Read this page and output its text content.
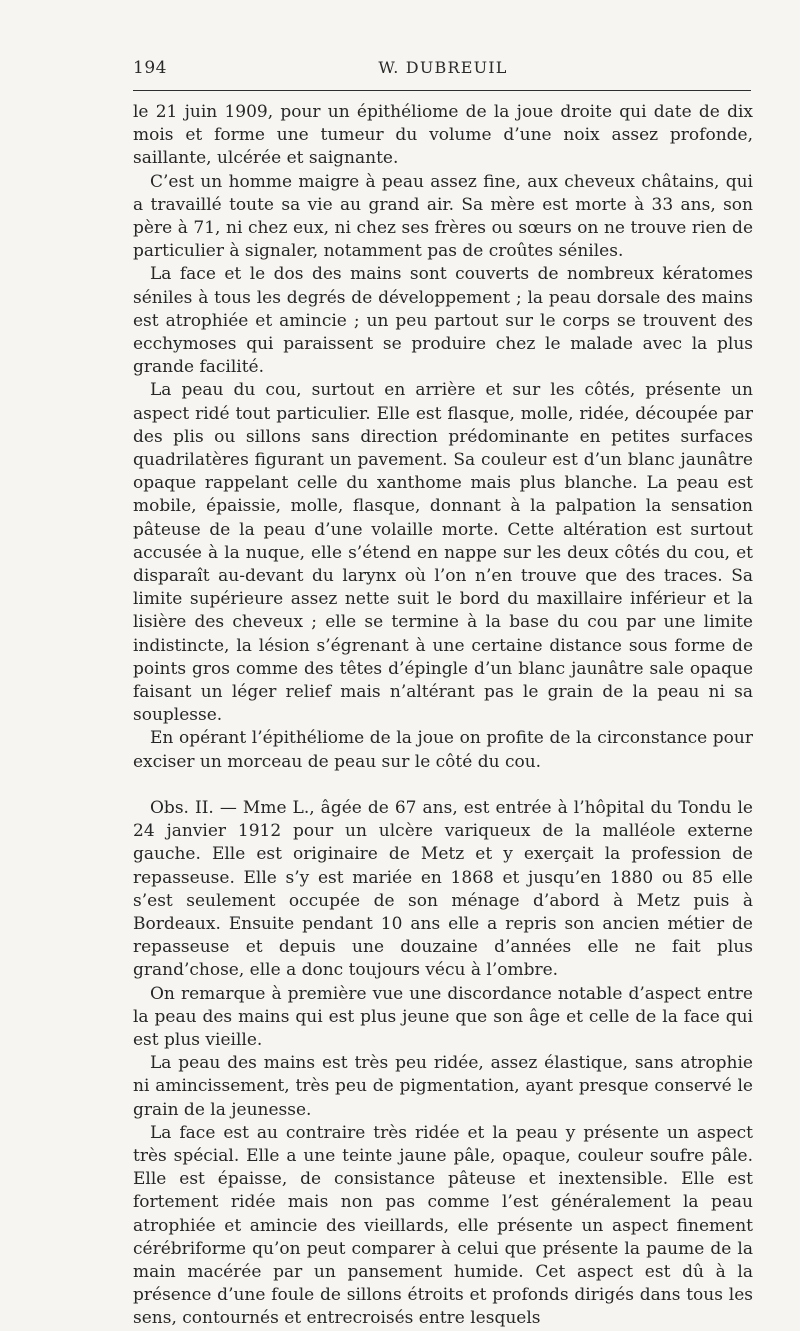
194	W. DUBREUIL

le 21 juin 1909, pour un épithéliome de la joue droite qui date de dix mois et forme une tumeur du volume d’une noix assez profonde, saillante, ulcérée et saignante.

C’est un homme maigre à peau assez fine, aux cheveux châtains, qui a travaillé toute sa vie au grand air. Sa mère est morte à 33 ans, son père à 71, ni chez eux, ni chez ses frères ou sœurs on ne trouve rien de particulier à signaler, notamment pas de croûtes séniles.

La face et le dos des mains sont couverts de nombreux kératomes séniles à tous les degrés de développement ; la peau dorsale des mains est atrophiée et amincie ; un peu partout sur le corps se trouvent des ecchymoses qui paraissent se produire chez le malade avec la plus grande facilité.

La peau du cou, surtout en arrière et sur les côtés, présente un aspect ridé tout particulier. Elle est flasque, molle, ridée, découpée par des plis ou sillons sans direction prédominante en petites surfaces quadrilatères figurant un pavement. Sa couleur est d’un blanc jaunâtre opaque rappelant celle du xanthome mais plus blanche. La peau est mobile, épaissie, molle, flasque, donnant à la palpation la sensation pâteuse de la peau d’une volaille morte. Cette altération est surtout accusée à la nuque, elle s’étend en nappe sur les deux côtés du cou, et disparaît au-devant du larynx où l’on n’en trouve que des traces. Sa limite supérieure assez nette suit le bord du maxillaire inférieur et la lisière des cheveux ; elle se termine à la base du cou par une limite indistincte, la lésion s’égrenant à une certaine distance sous forme de points gros comme des têtes d’épingle d’un blanc jaunâtre sale opaque faisant un léger relief mais n’altérant pas le grain de la peau ni sa souplesse.

En opérant l’épithéliome de la joue on profite de la circonstance pour exciser un morceau de peau sur le côté du cou.

Obs. II. — Mme L., âgée de 67 ans, est entrée à l’hôpital du Tondu le 24 janvier 1912 pour un ulcère variqueux de la malléole externe gauche. Elle est originaire de Metz et y exerçait la profession de repasseuse. Elle s’y est mariée en 1868 et jusqu’en 1880 ou 85 elle s’est seulement occupée de son ménage d’abord à Metz puis à Bordeaux. Ensuite pendant 10 ans elle a repris son ancien métier de repasseuse et depuis une douzaine d’années elle ne fait plus grand’chose, elle a donc toujours vécu à l’ombre.

On remarque à première vue une discordance notable d’aspect entre la peau des mains qui est plus jeune que son âge et celle de la face qui est plus vieille.

La peau des mains est très peu ridée, assez élastique, sans atrophie ni amincissement, très peu de pigmentation, ayant presque conservé le grain de la jeunesse.

La face est au contraire très ridée et la peau y présente un aspect très spécial. Elle a une teinte jaune pâle, opaque, couleur soufre pâle. Elle est épaisse, de consistance pâteuse et inextensible. Elle est fortement ridée mais non pas comme l’est généralement la peau atrophiée et amincie des vieillards, elle présente un aspect finement cérébriforme qu’on peut comparer à celui que présente la paume de la main macérée par un pansement humide. Cet aspect est dû à la présence d’une foule de sillons étroits et profonds dirigés dans tous les sens, contournés et entrecroisés entre lesquels
